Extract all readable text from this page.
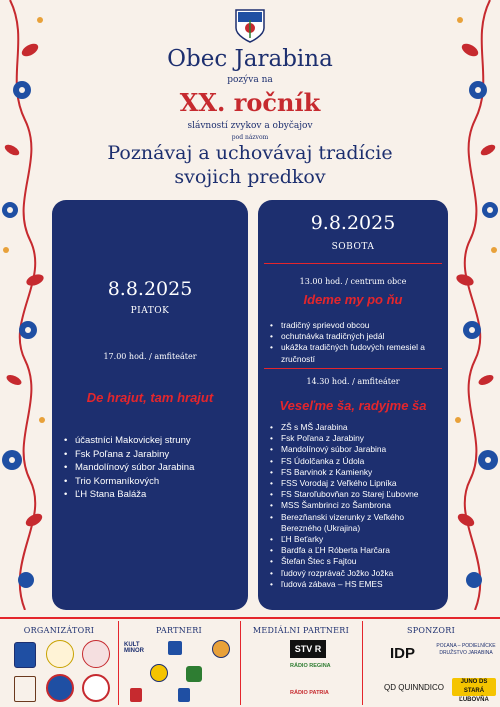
Obec Jarabina
pozýva na
XX. ročník
slávností zvykov a obyčajov
pod názvom
Poznávaj a uchovávaj tradície
svojich predkov
8.8.2025
PIATOK
17.00 hod. / amfiteáter
De hrajut, tam hrajut
• účastníci Makovickej struny
• Fsk Poľana z Jarabiny
• Mandolínový súbor Jarabina
• Trio Kormaníkových
• ĽH Stana Baláža
9.8.2025
SOBOTA
13.00 hod. / centrum obce
Ideme my po ňu
• tradičný sprievod obcou
• ochutnávka tradičných jedál
• ukážka tradičných ľudových remesiel a zručností
14.30 hod. / amfiteáter
Veseľme ša, radyjme ša
• ZŠ s MŠ Jarabina
• Fsk Poľana z Jarabiny
• Mandolínový súbor Jarabina
• FS Údolčanka z Údola
• FS Barvinok z Kamienky
• FSS Vorodaj z Veľkého Lipníka
• FS Staroľubovňan zo Starej Ľubovne
• MSS Šambrinci zo Šambrona
• Berezňanski vizerunky z Veľkého Berezného (Ukrajina)
• ĽH Beťarky
• Bardfa a ĽH Róberta Harčara
• Štefan Štec s Fajtou
• ľudový rozprávač Jožko Jožka
• ľudová zábava – HS EMES
ORGANIZÁTORI	PARTNERI	MEDIÁLNI PARTNERI	SPONZORI
KULT MINOR	STV R
RÁDIO REGINA
RÁDIO PATRIA
IDP	POĽANA – PODIELNÍCKE DRUŽSTVO JARABINA
QD QUINNDICO
JUNO DS STARÁ ĽUBOVŇA
